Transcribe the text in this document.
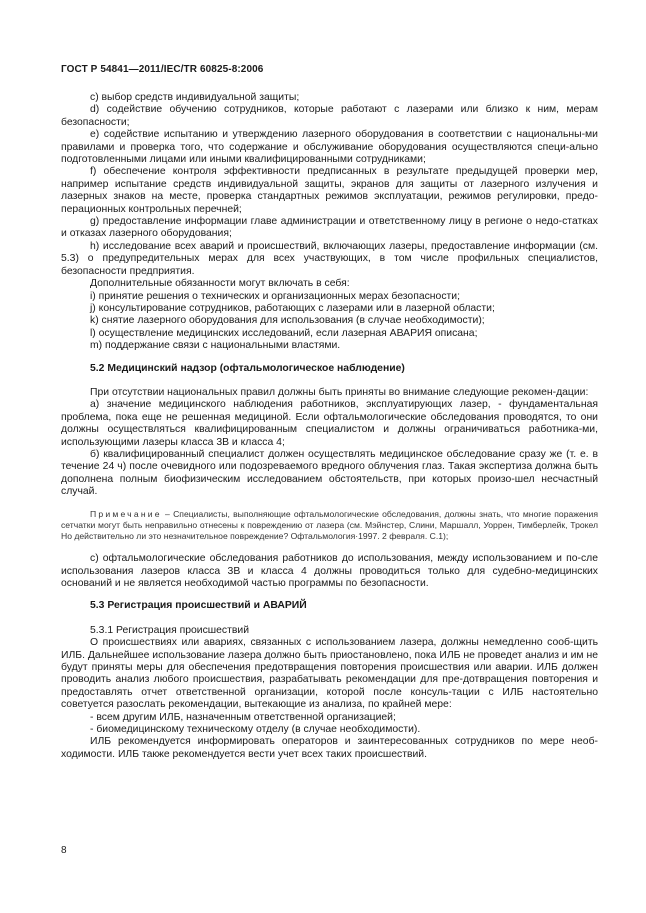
ГОСТ Р 54841—2011/IEC/TR 60825-8:2006

c) выбор средств индивидуальной защиты;

d) содействие обучению сотрудников, которые работают с лазерами или близко к ним, мерам безопасности;

e) содействие испытанию и утверждению лазерного оборудования в соответствии с национальны-ми правилами и проверка того, что содержание и обслуживание оборудования осуществляются специ-ально подготовленными лицами или иными квалифицированными сотрудниками;

f) обеспечение контроля эффективности предписанных в результате предыдущей проверки мер, например испытание средств индивидуальной защиты, экранов для защиты от лазерного излучения и лазерных знаков на месте, проверка стандартных режимов эксплуатации, режимов регулировки, предо-перационных контрольных перечней;

g) предоставление информации главе администрации и ответственному лицу в регионе о недо-статках и отказах лазерного оборудования;

h) исследование всех аварий и происшествий, включающих лазеры, предоставление информации (см. 5.3) о предупредительных мерах для всех участвующих, в том числе профильных специалистов, безопасности предприятия.

Дополнительные обязанности могут включать в себя:

i) принятие решения о технических и организационных мерах безопасности;

j) консультирование сотрудников, работающих с лазерами или в лазерной области;

k) снятие лазерного оборудования для использования (в случае необходимости);

l) осуществление медицинских исследований, если лазерная АВАРИЯ описана;

m) поддержание связи с национальными властями.

5.2 Медицинский надзор (офтальмологическое наблюдение)

При отсутствии национальных правил должны быть приняты во внимание следующие рекомен-дации:

а) значение медицинского наблюдения работников, эксплуатирующих лазер, - фундаментальная проблема, пока еще не решенная медициной. Если офтальмологические обследования проводятся, то они должны осуществляться квалифицированным специалистом и должны ограничиваться работника-ми, использующими лазеры класса 3В и класса 4;

б) квалифицированный специалист должен осуществлять медицинское обследование сразу же (т. е. в течение 24 ч) после очевидного или подозреваемого вредного облучения глаз. Такая экспертиза должна быть дополнена полным биофизическим исследованием обстоятельств, при которых произо-шел несчастный случай.

Примечание – Специалисты, выполняющие офтальмологические обследования, должны знать, что многие поражения сетчатки могут быть неправильно отнесены к повреждению от лазера (см. Мэйнстер, Слини, Маршалл, Уоррен, Тимберлейк, Трокел Но действительно ли это незначительное повреждение? Офтальмология·1997. 2 февраля. С.1);

с) офтальмологические обследования работников до использования, между использованием и по-сле использования лазеров класса 3В и класса 4 должны проводиться только для судебно-медицинских оснований и не является необходимой частью программы по безопасности.

5.3 Регистрация происшествий и АВАРИЙ

5.3.1 Регистрация происшествий

О происшествиях или авариях, связанных с использованием лазера, должны немедленно сооб-щить ИЛБ. Дальнейшее использование лазера должно быть приостановлено, пока ИЛБ не проведет анализ и им не будут приняты меры для обеспечения предотвращения повторения происшествия или аварии. ИЛБ должен проводить анализ любого происшествия, разрабатывать рекомендации для пре-дотвращения повторения и предоставлять отчет ответственной организации, которой после консуль-тации с ИЛБ настоятельно советуется разослать рекомендации, вытекающие из анализа, по крайней мере:

- всем другим ИЛБ, назначенным ответственной организацией;

- биомедицинскому техническому отделу (в случае необходимости).

ИЛБ рекомендуется информировать операторов и заинтересованных сотрудников по мере необ-ходимости. ИЛБ также рекомендуется вести учет всех таких происшествий.

8
